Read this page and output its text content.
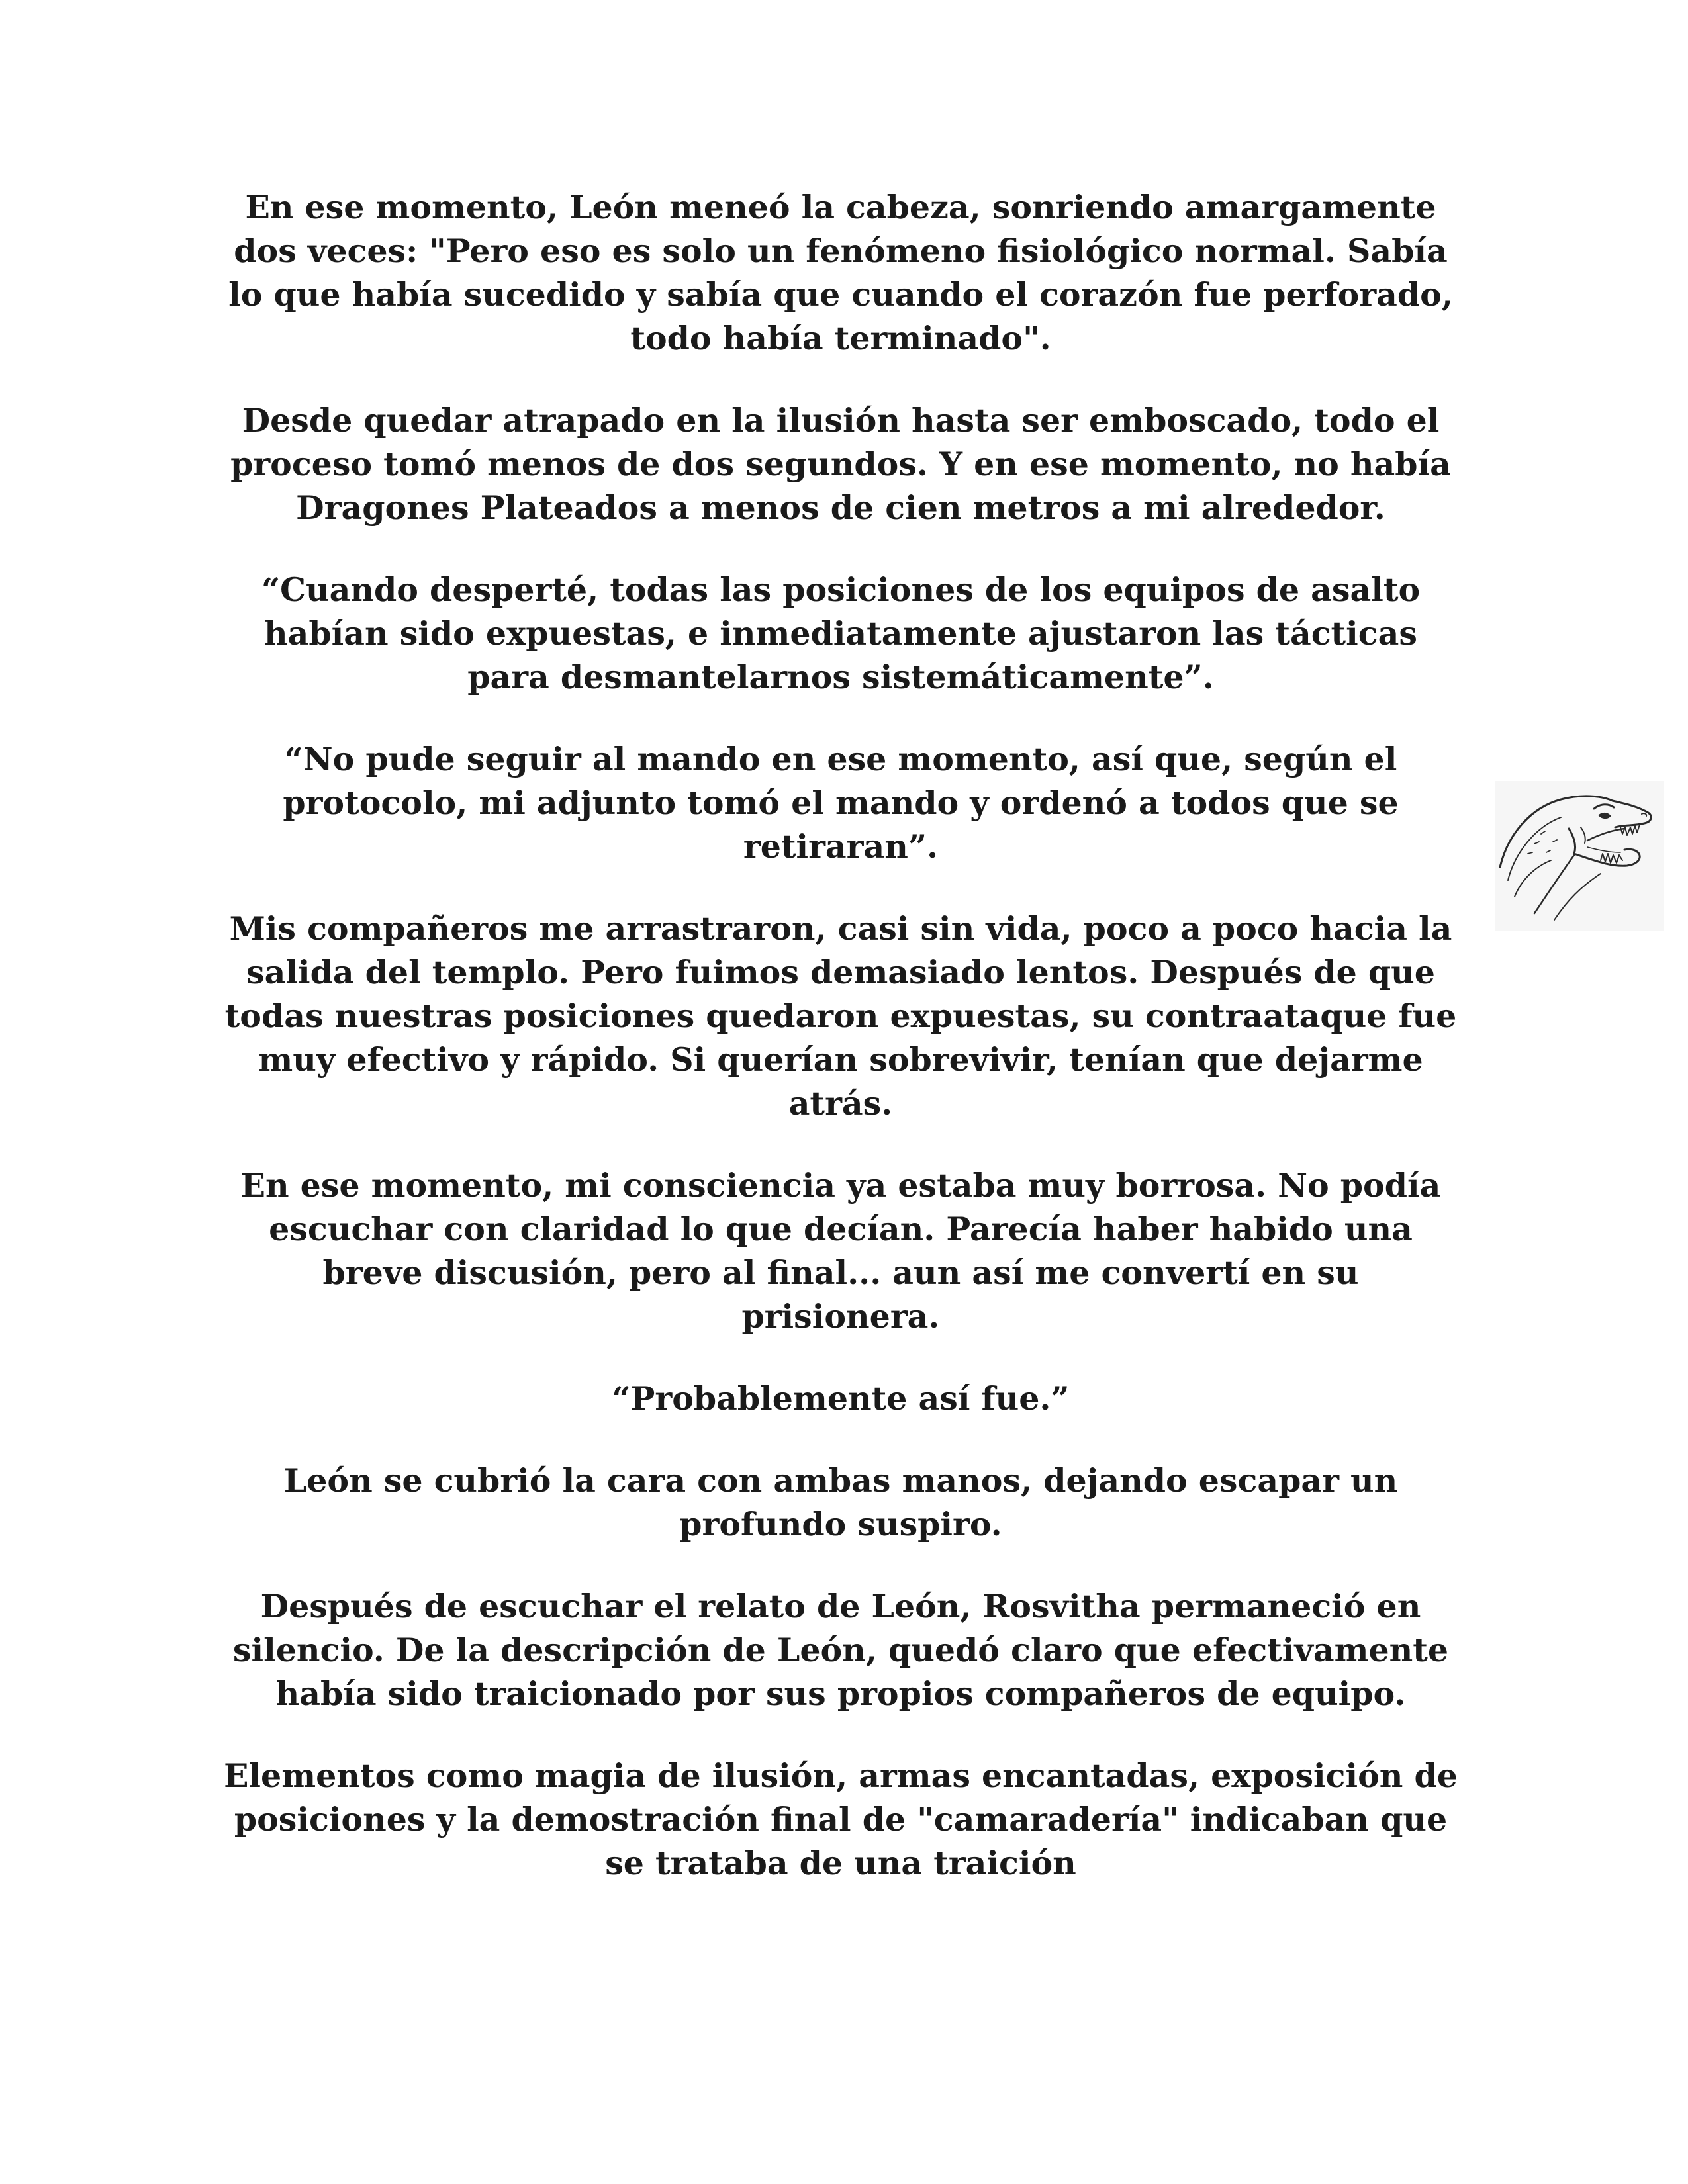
En ese momento, León meneó la cabeza, sonriendo amargamente dos veces: "Pero eso es solo un fenómeno fisiológico normal. Sabía lo que había sucedido y sabía que cuando el corazón fue perforado, todo había terminado".

Desde quedar atrapado en la ilusión hasta ser emboscado, todo el proceso tomó menos de dos segundos. Y en ese momento, no había Dragones Plateados a menos de cien metros a mi alrededor.

“Cuando desperté, todas las posiciones de los equipos de asalto habían sido expuestas, e inmediatamente ajustaron las tácticas para desmantelarnos sistemáticamente”.

“No pude seguir al mando en ese momento, así que, según el protocolo, mi adjunto tomó el mando y ordenó a todos que se retiraran”.

Mis compañeros me arrastraron, casi sin vida, poco a poco hacia la salida del templo. Pero fuimos demasiado lentos. Después de que todas nuestras posiciones quedaron expuestas, su contraataque fue muy efectivo y rápido. Si querían sobrevivir, tenían que dejarme atrás.

En ese momento, mi consciencia ya estaba muy borrosa. No podía escuchar con claridad lo que decían. Parecía haber habido una breve discusión, pero al final... aun así me convertí en su prisionera.

“Probablemente así fue.”

León se cubrió la cara con ambas manos, dejando escapar un profundo suspiro.

Después de escuchar el relato de León, Rosvitha permaneció en silencio. De la descripción de León, quedó claro que efectivamente había sido traicionado por sus propios compañeros de equipo.

Elementos como magia de ilusión, armas encantadas, exposición de posiciones y la demostración final de "camaradería" indicaban que se trataba de una traición
